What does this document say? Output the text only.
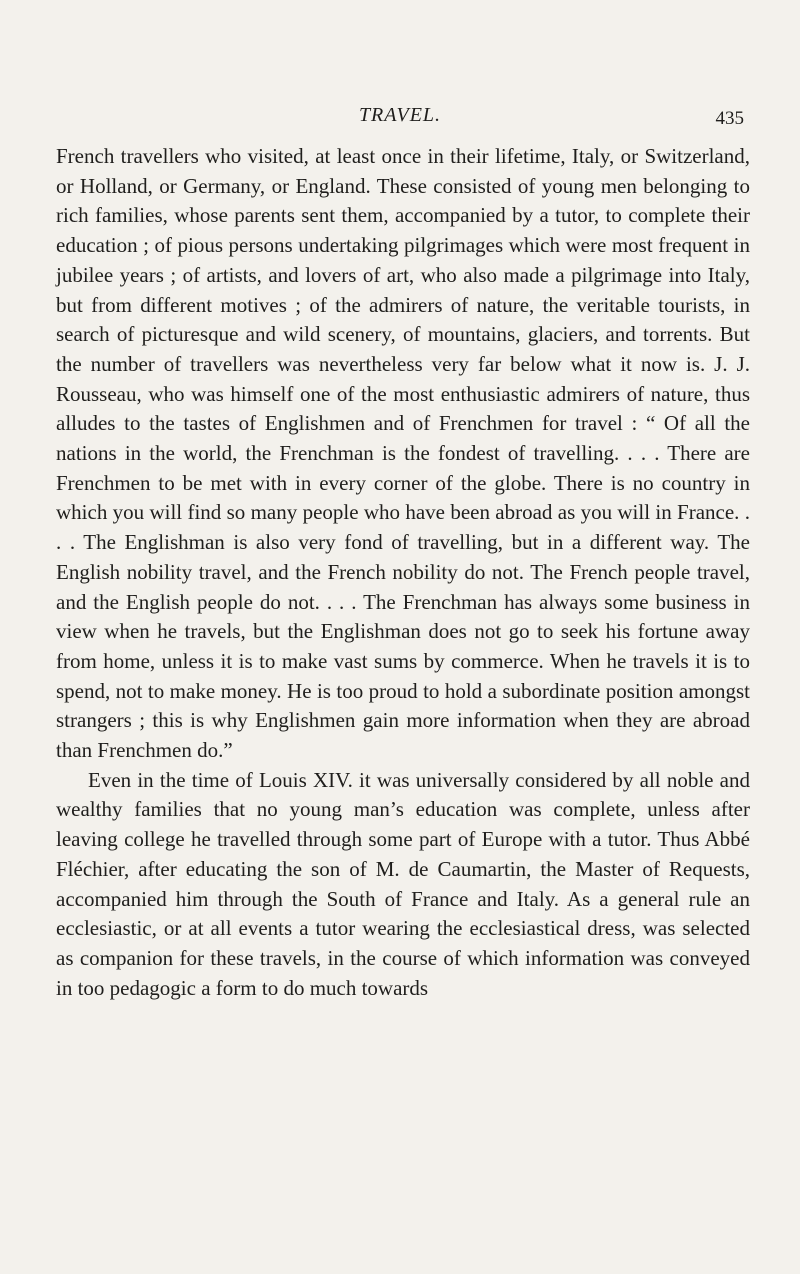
TRAVEL.	435

French travellers who visited, at least once in their lifetime, Italy, or Switzerland, or Holland, or Germany, or England. These consisted of young men belonging to rich families, whose parents sent them, accompanied by a tutor, to complete their education ; of pious persons undertaking pilgrimages which were most frequent in jubilee years ; of artists, and lovers of art, who also made a pilgrimage into Italy, but from different motives ; of the admirers of nature, the veritable tourists, in search of picturesque and wild scenery, of mountains, glaciers, and torrents. But the number of travellers was nevertheless very far below what it now is. J. J. Rousseau, who was himself one of the most enthusiastic admirers of nature, thus alludes to the tastes of Englishmen and of Frenchmen for travel : “ Of all the nations in the world, the Frenchman is the fondest of travelling. . . . There are Frenchmen to be met with in every corner of the globe. There is no country in which you will find so many people who have been abroad as you will in France. . . . The Englishman is also very fond of travelling, but in a different way. The English nobility travel, and the French nobility do not. The French people travel, and the English people do not. . . . The Frenchman has always some business in view when he travels, but the Englishman does not go to seek his fortune away from home, unless it is to make vast sums by commerce. When he travels it is to spend, not to make money. He is too proud to hold a subordinate position amongst strangers ; this is why Englishmen gain more information when they are abroad than Frenchmen do.”

Even in the time of Louis XIV. it was universally considered by all noble and wealthy families that no young man’s education was complete, unless after leaving college he travelled through some part of Europe with a tutor. Thus Abbé Fléchier, after educating the son of M. de Caumartin, the Master of Requests, accompanied him through the South of France and Italy. As a general rule an ecclesiastic, or at all events a tutor wearing the ecclesiastical dress, was selected as companion for these travels, in the course of which information was conveyed in too pedagogic a form to do much towards
